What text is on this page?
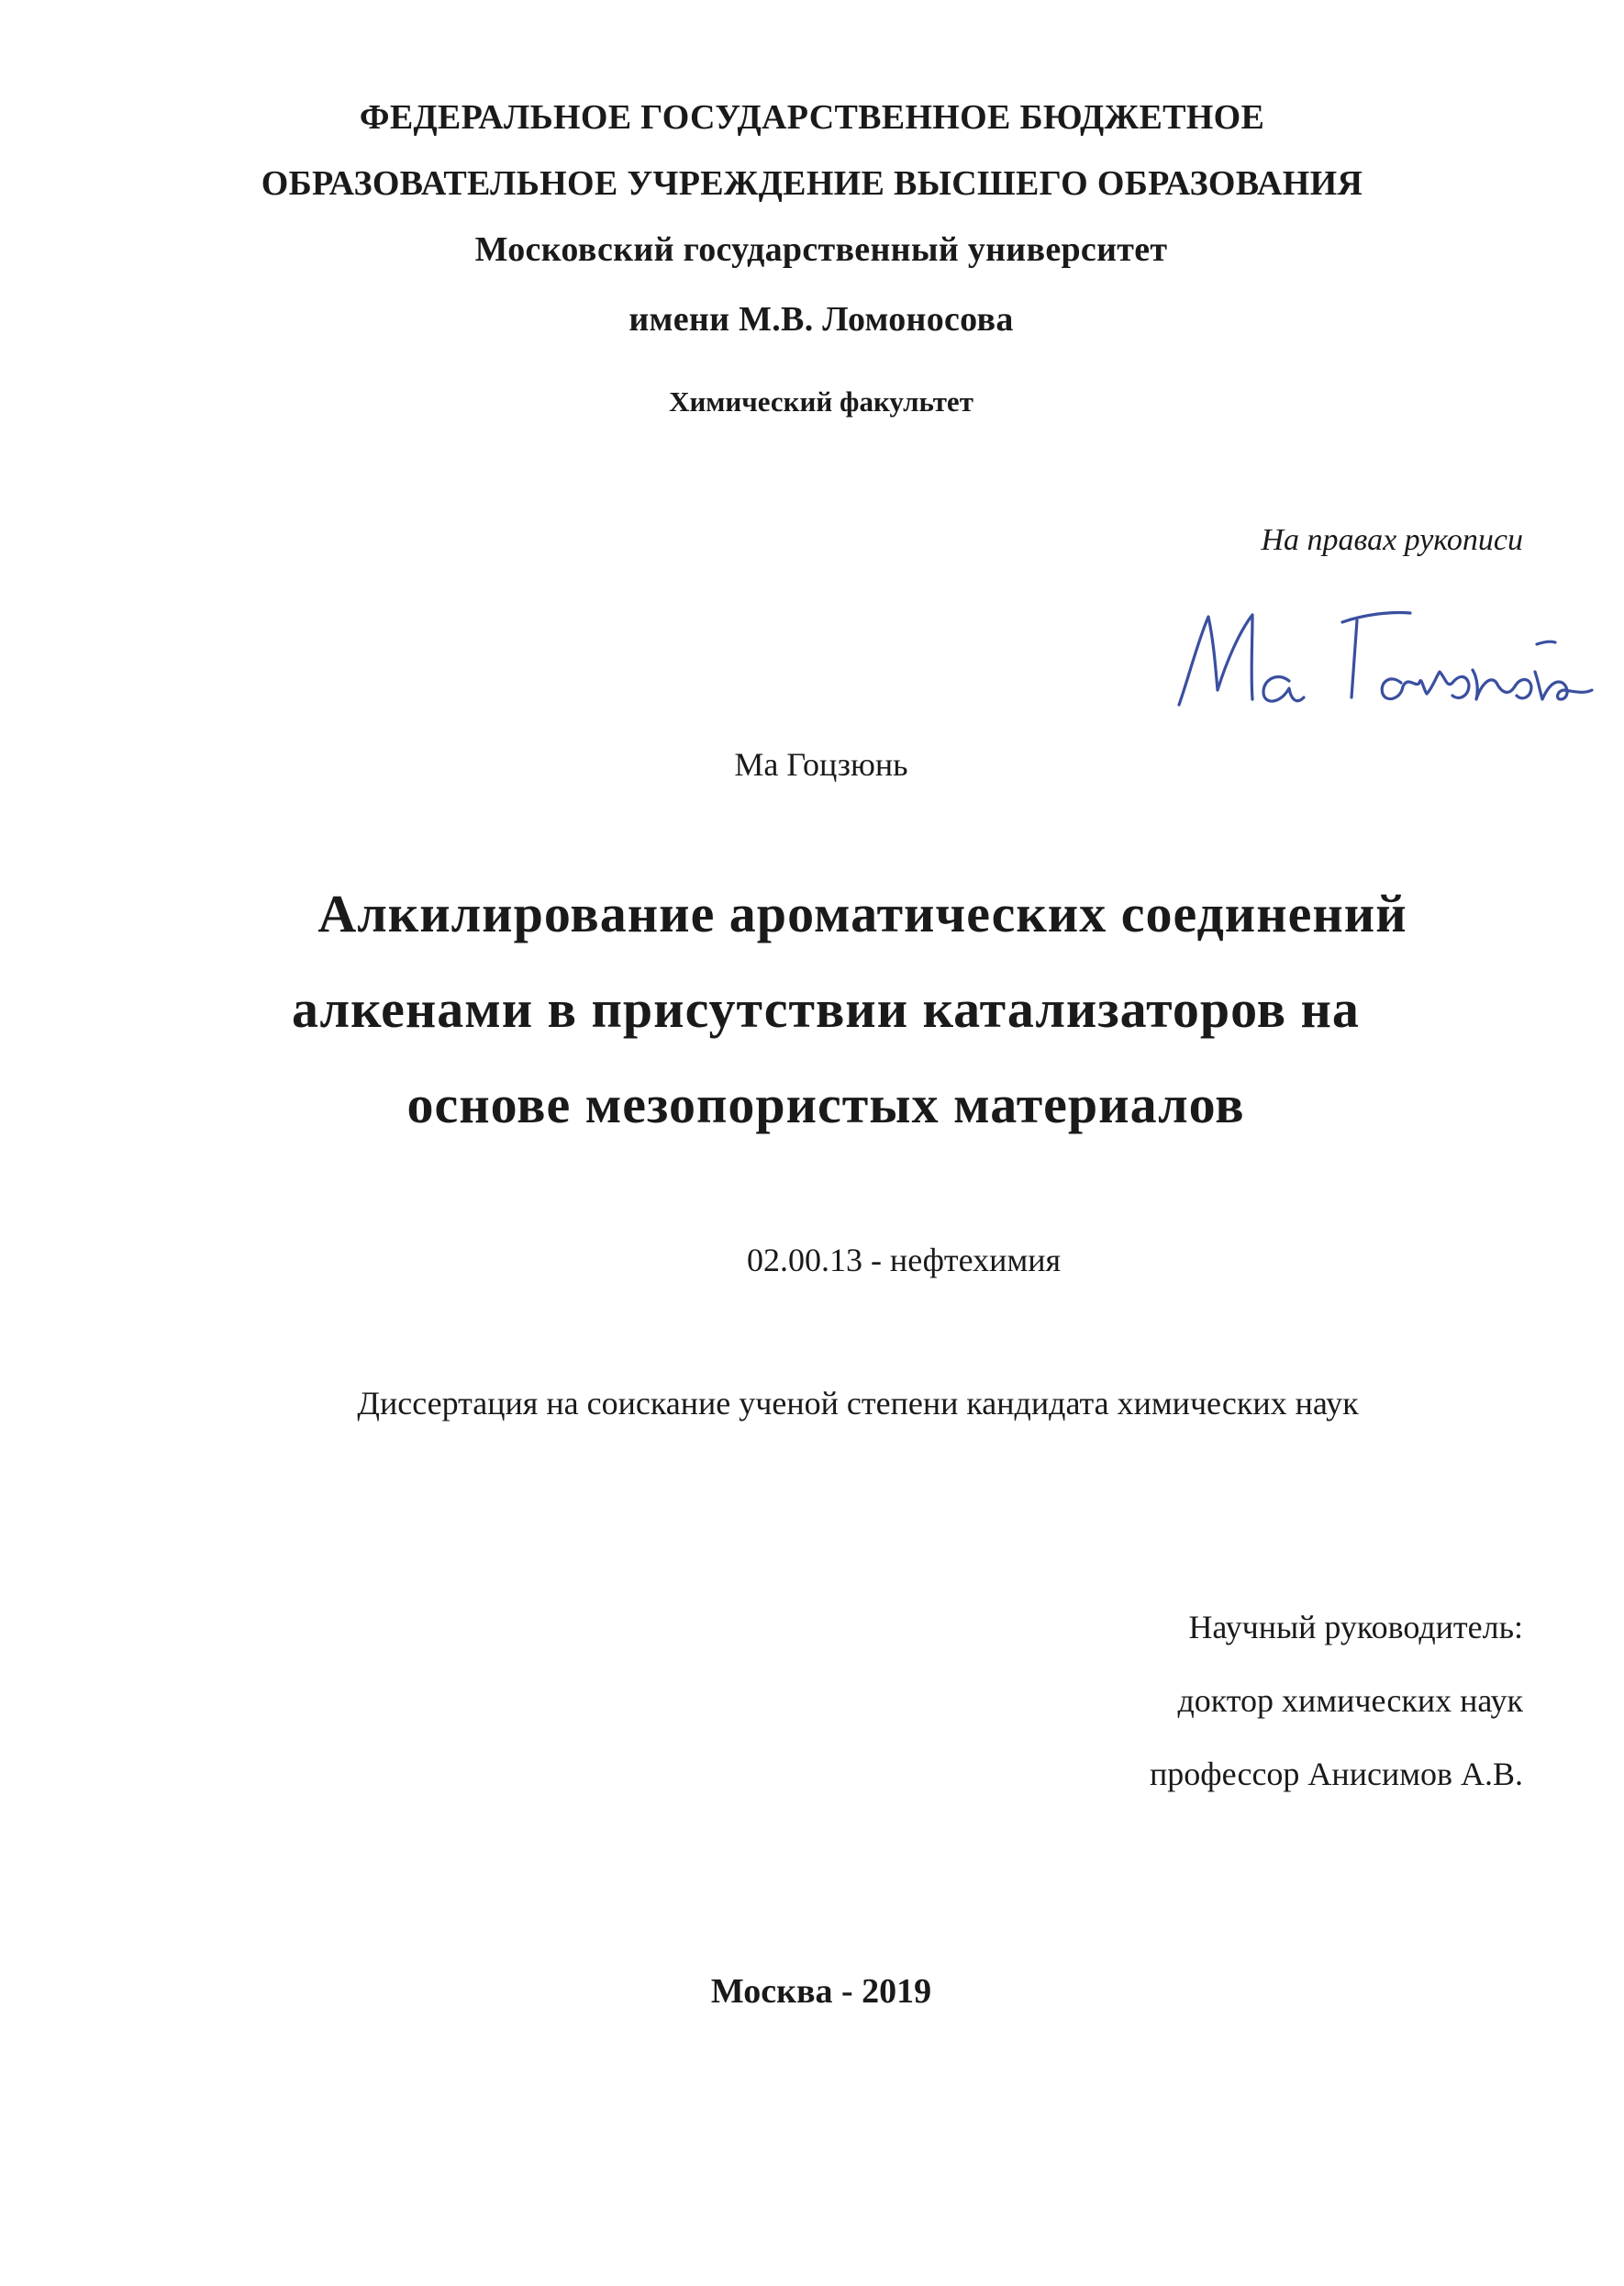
ФЕДЕРАЛЬНОЕ ГОСУДАРСТВЕННОЕ БЮДЖЕТНОЕ
ОБРАЗОВАТЕЛЬНОЕ УЧРЕЖДЕНИЕ ВЫСШЕГО ОБРАЗОВАНИЯ
Московский государственный университет
имени М.В. Ломоносова
Химический факультет
На правах рукописи
Ма Гоцзюнь
Ма Гоцзюнь
Алкилирование ароматических соединений
алкенами в присутствии катализаторов на
основе мезопористых материалов
02.00.13 - нефтехимия
Диссертация на соискание ученой степени кандидата химических наук
Научный руководитель:
доктор химических наук
профессор Анисимов А.В.
Москва - 2019
